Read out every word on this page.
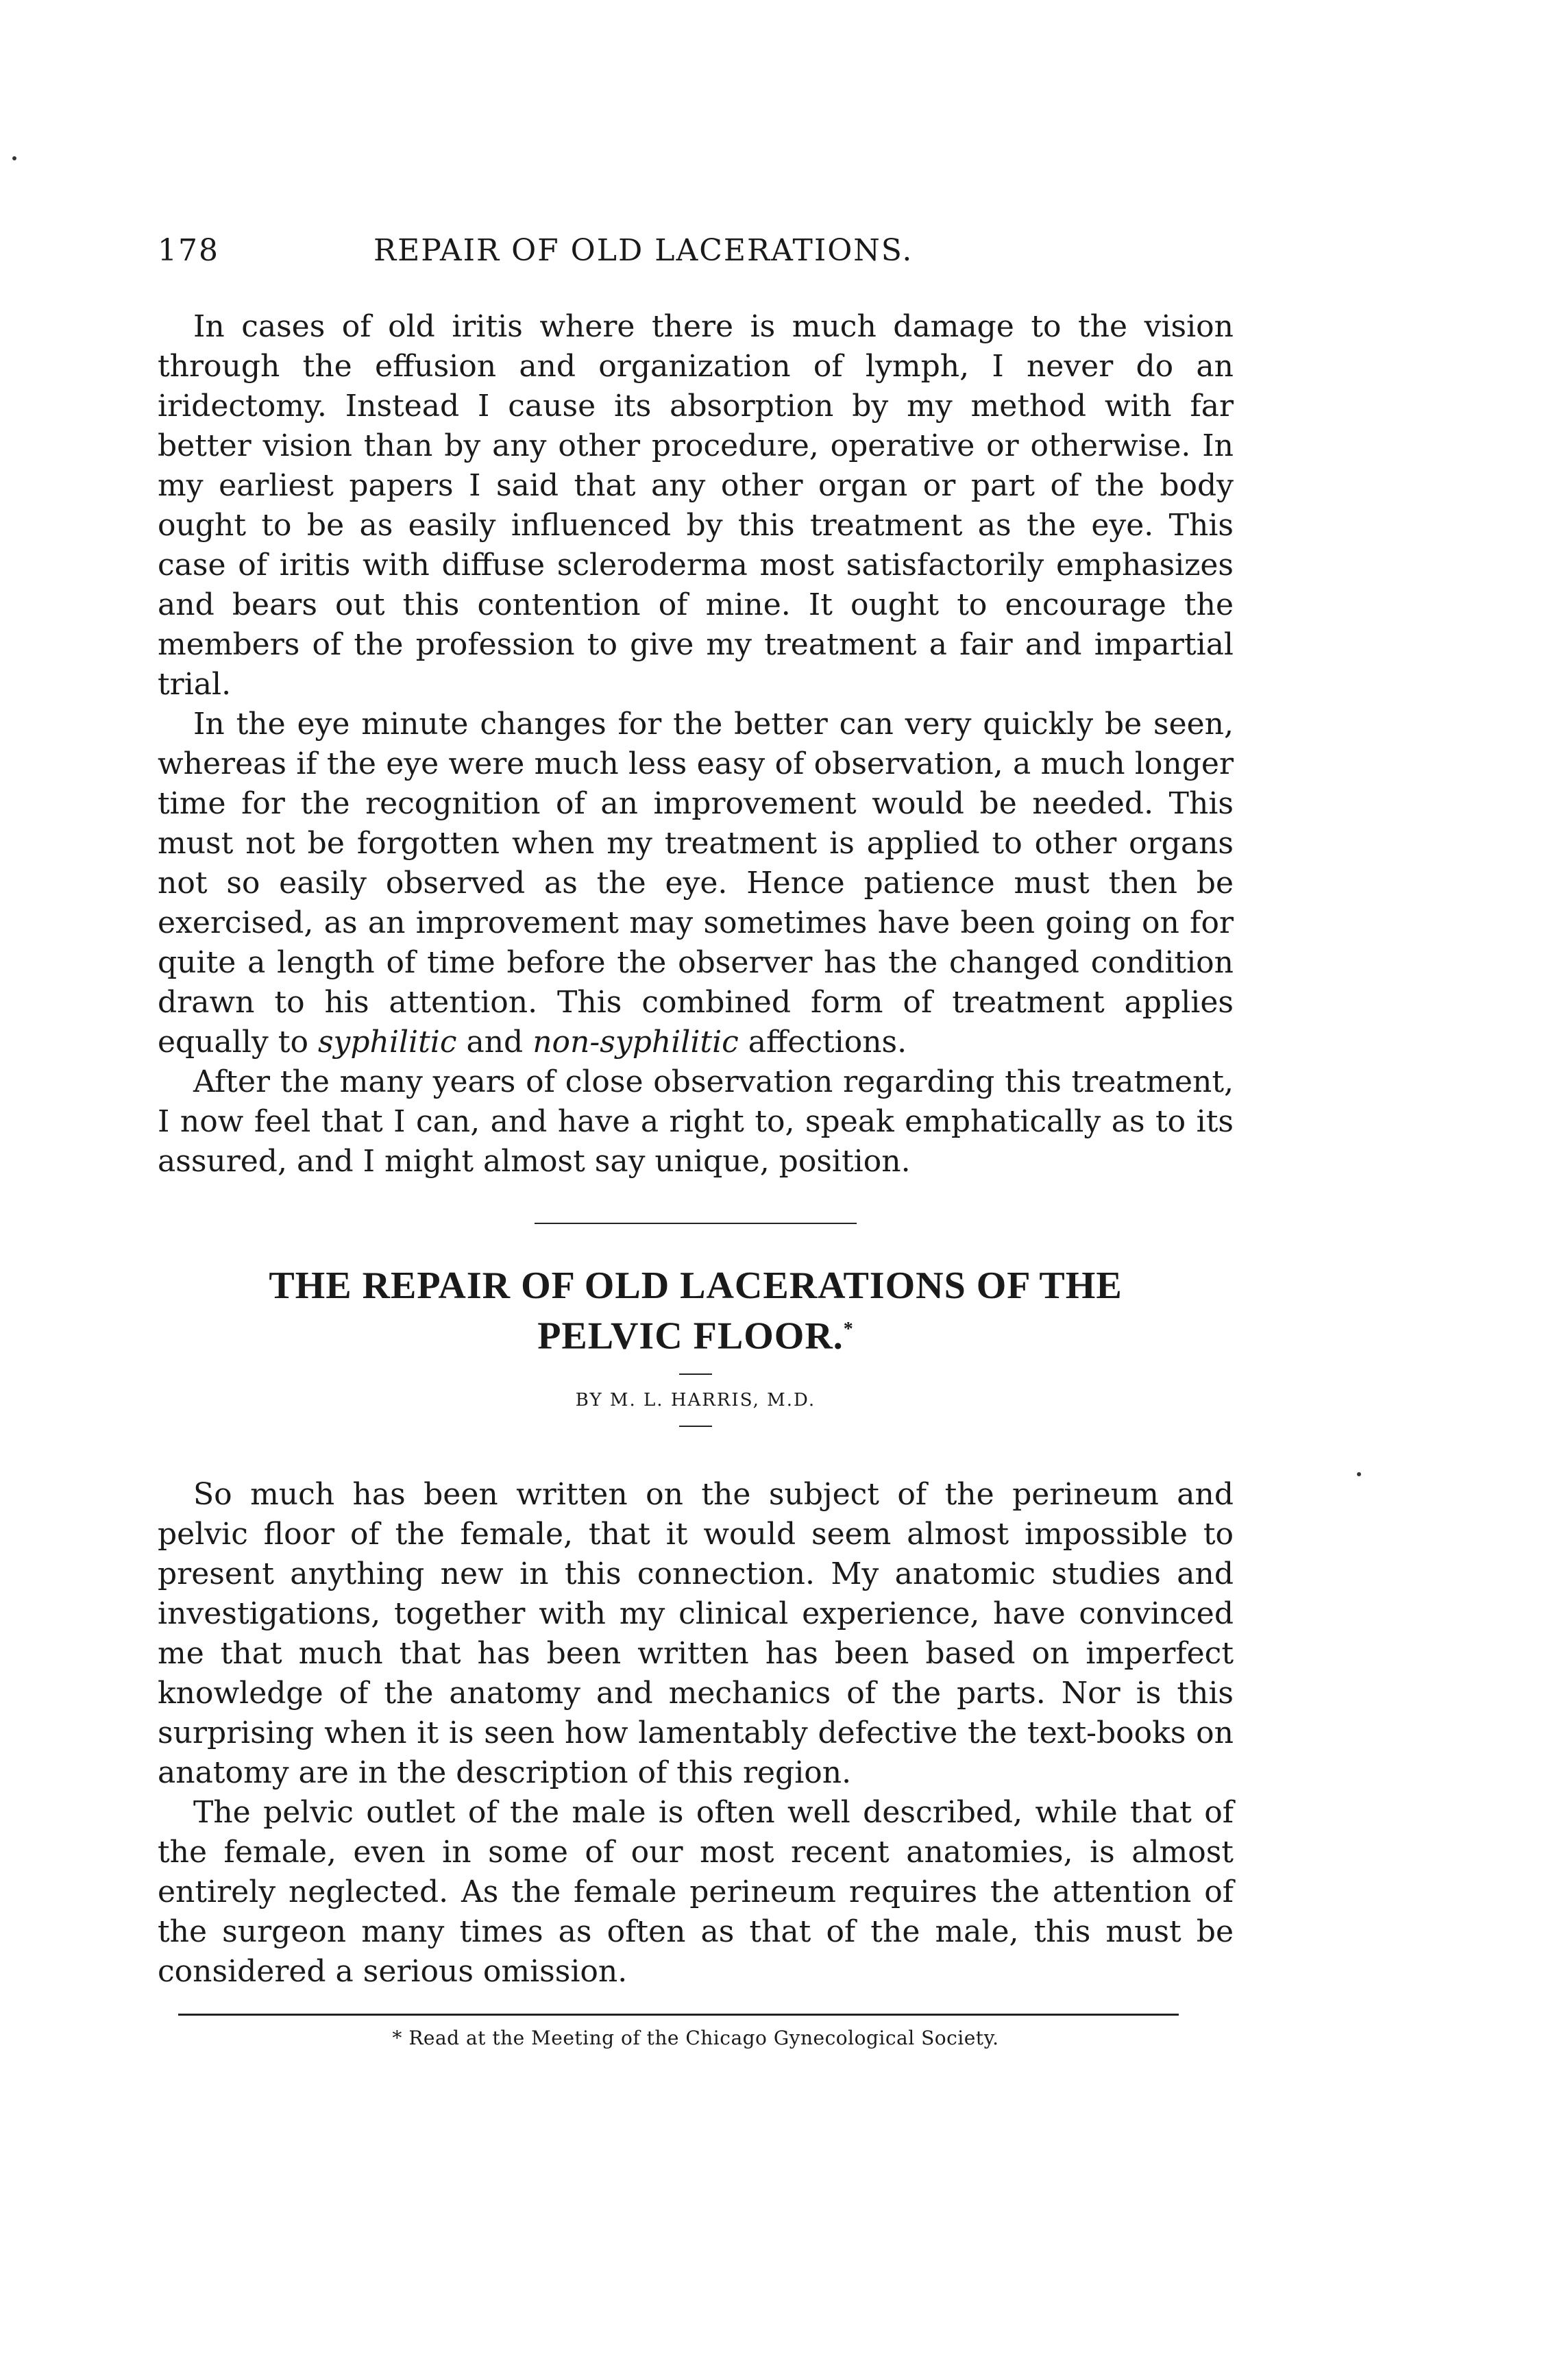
178	REPAIR OF OLD LACERATIONS.

In cases of old iritis where there is much damage to the vision through the effusion and organization of lymph, I never do an iridectomy. Instead I cause its absorption by my method with far better vision than by any other procedure, operative or otherwise. In my earliest papers I said that any other organ or part of the body ought to be as easily influenced by this treatment as the eye. This case of iritis with diffuse scleroderma most satisfactorily emphasizes and bears out this contention of mine. It ought to encourage the members of the profession to give my treatment a fair and impartial trial.

In the eye minute changes for the better can very quickly be seen, whereas if the eye were much less easy of observation, a much longer time for the recognition of an improvement would be needed. This must not be forgotten when my treatment is applied to other organs not so easily observed as the eye. Hence patience must then be exercised, as an improvement may sometimes have been going on for quite a length of time before the observer has the changed condition drawn to his attention. This combined form of treatment applies equally to syphilitic and non-syphilitic affections.

After the many years of close observation regarding this treatment, I now feel that I can, and have a right to, speak emphatically as to its assured, and I might almost say unique, position.

THE REPAIR OF OLD LACERATIONS OF THE
PELVIC FLOOR.*
BY M. L. HARRIS, M.D.

So much has been written on the subject of the perineum and pelvic floor of the female, that it would seem almost impossible to present anything new in this connection. My anatomic studies and investigations, together with my clinical experience, have convinced me that much that has been written has been based on imperfect knowledge of the anatomy and mechanics of the parts. Nor is this surprising when it is seen how lamentably defective the text-books on anatomy are in the description of this region.

The pelvic outlet of the male is often well described, while that of the female, even in some of our most recent anatomies, is almost entirely neglected. As the female perineum requires the attention of the surgeon many times as often as that of the male, this must be considered a serious omission.

* Read at the Meeting of the Chicago Gynecological Society.
